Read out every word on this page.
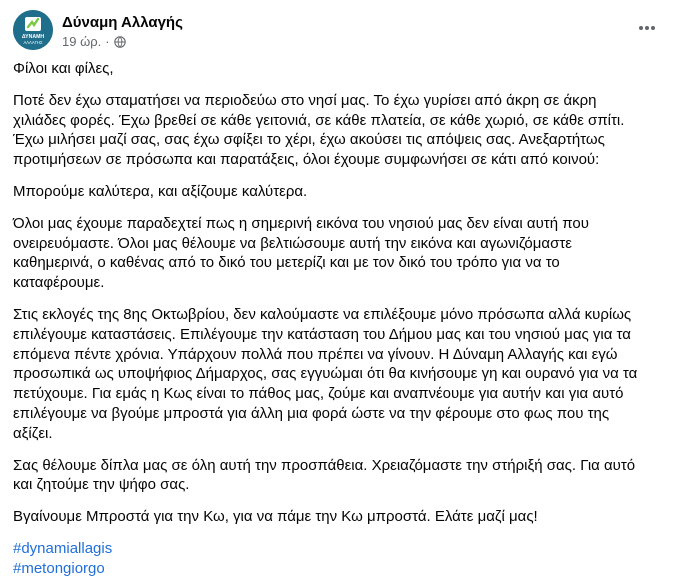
ΔΥΝΑΜΗ
ΑΛΛΑΓΗΣ
Δύναμη Αλλαγής
19 ώρ. ·

Φίλοι και φίλες,

Ποτέ δεν έχω σταματήσει να περιοδεύω στο νησί μας. Το έχω γυρίσει από άκρη σε άκρη
χιλιάδες φορές. Έχω βρεθεί σε κάθε γειτονιά, σε κάθε πλατεία, σε κάθε χωριό, σε κάθε σπίτι.
Έχω μιλήσει μαζί σας, σας έχω σφίξει το χέρι, έχω ακούσει τις απόψεις σας. Ανεξαρτήτως
προτιμήσεων σε πρόσωπα και παρατάξεις, όλοι έχουμε συμφωνήσει σε κάτι από κοινού:

Μπορούμε καλύτερα, και αξίζουμε καλύτερα.

Όλοι μας έχουμε παραδεχτεί πως η σημερινή εικόνα του νησιού μας δεν είναι αυτή που
ονειρευόμαστε. Όλοι μας θέλουμε να βελτιώσουμε αυτή την εικόνα και αγωνιζόμαστε
καθημερινά, ο καθένας από το δικό του μετερίζι και με τον δικό του τρόπο για να το
καταφέρουμε.

Στις εκλογές της 8ης Οκτωβρίου, δεν καλούμαστε να επιλέξουμε μόνο πρόσωπα αλλά κυρίως
επιλέγουμε καταστάσεις. Επιλέγουμε την κατάσταση του Δήμου μας και του νησιού μας για τα
επόμενα πέντε χρόνια. Υπάρχουν πολλά που πρέπει να γίνουν. Η Δύναμη Αλλαγής και εγώ
προσωπικά ως υποψήφιος Δήμαρχος, σας εγγυώμαι ότι θα κινήσουμε γη και ουρανό για να τα
πετύχουμε. Για εμάς η Κως είναι το πάθος μας, ζούμε και αναπνέουμε για αυτήν και για αυτό
επιλέγουμε να βγούμε μπροστά για άλλη μια φορά ώστε να την φέρουμε στο φως που της
αξίζει.

Σας θέλουμε δίπλα μας σε όλη αυτή την προσπάθεια. Χρειαζόμαστε την στήριξή σας. Για αυτό
και ζητούμε την ψήφο σας.

Βγαίνουμε Μπροστά για την Κω, για να πάμε την Κω μπροστά. Ελάτε μαζί μας!

#dynamiallagis
#metongiorgo
